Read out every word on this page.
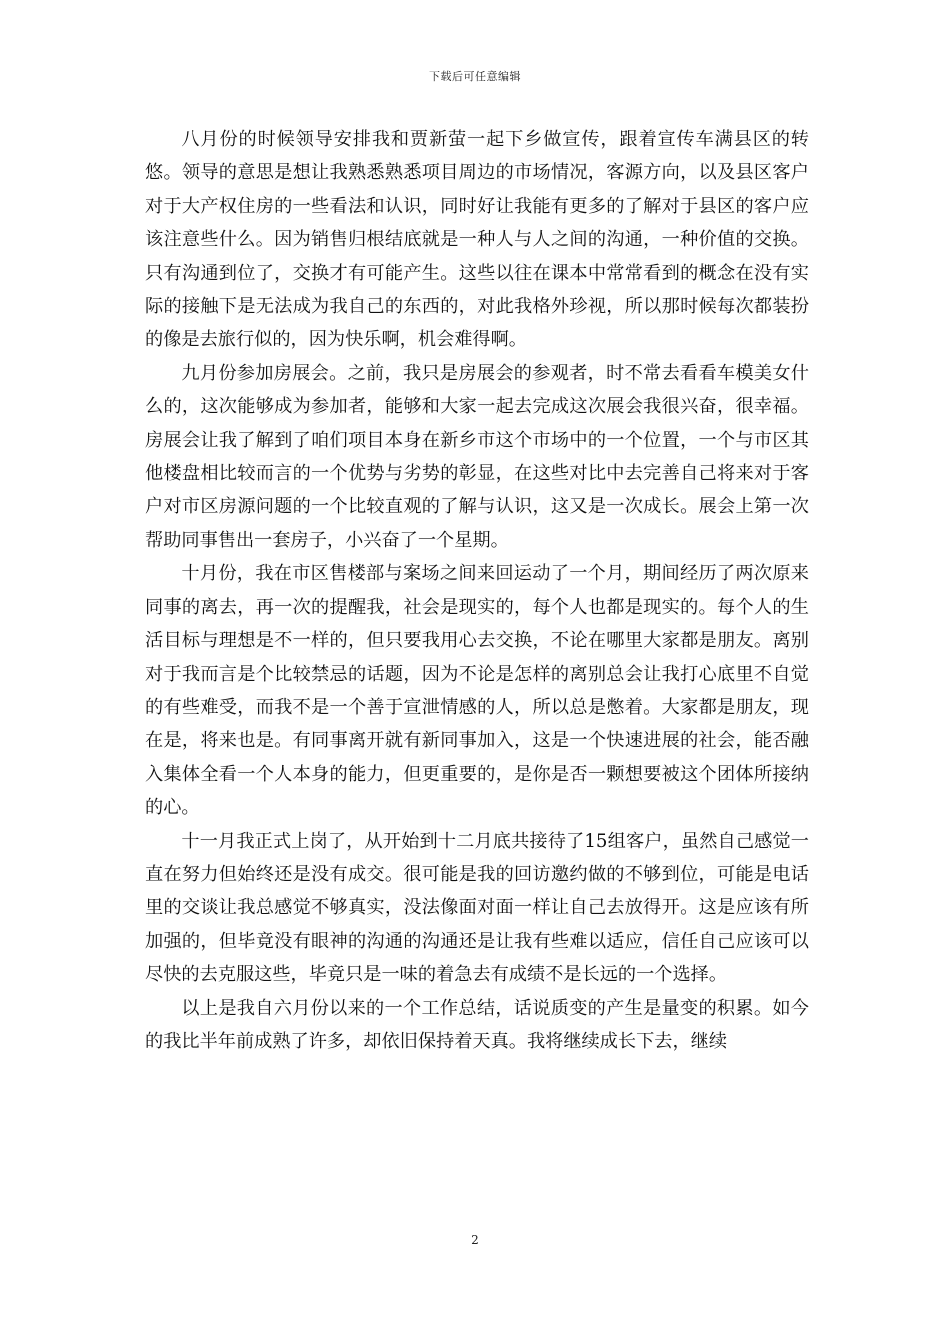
下载后可任意编辑

八月份的时候领导安排我和贾新萤一起下乡做宣传，跟着宣传车满县区的转悠。领导的意思是想让我熟悉熟悉项目周边的市场情况，客源方向，以及县区客户对于大产权住房的一些看法和认识，同时好让我能有更多的了解对于县区的客户应该注意些什么。因为销售归根结底就是一种人与人之间的沟通，一种价值的交换。只有沟通到位了，交换才有可能产生。这些以往在课本中常常看到的概念在没有实际的接触下是无法成为我自己的东西的，对此我格外珍视，所以那时候每次都装扮的像是去旅行似的，因为快乐啊，机会难得啊。

九月份参加房展会。之前，我只是房展会的参观者，时不常去看看车模美女什么的，这次能够成为参加者，能够和大家一起去完成这次展会我很兴奋，很幸福。房展会让我了解到了咱们项目本身在新乡市这个市场中的一个位置，一个与市区其他楼盘相比较而言的一个优势与劣势的彰显，在这些对比中去完善自己将来对于客户对市区房源问题的一个比较直观的了解与认识，这又是一次成长。展会上第一次帮助同事售出一套房子，小兴奋了一个星期。

十月份，我在市区售楼部与案场之间来回运动了一个月，期间经历了两次原来同事的离去，再一次的提醒我，社会是现实的，每个人也都是现实的。每个人的生活目标与理想是不一样的，但只要我用心去交换，不论在哪里大家都是朋友。离别对于我而言是个比较禁忌的话题，因为不论是怎样的离别总会让我打心底里不自觉的有些难受，而我不是一个善于宣泄情感的人，所以总是憋着。大家都是朋友，现在是，将来也是。有同事离开就有新同事加入，这是一个快速进展的社会，能否融入集体全看一个人本身的能力，但更重要的，是你是否一颗想要被这个团体所接纳的心。

十一月我正式上岗了，从开始到十二月底共接待了15组客户，虽然自己感觉一直在努力但始终还是没有成交。很可能是我的回访邀约做的不够到位，可能是电话里的交谈让我总感觉不够真实，没法像面对面一样让自己去放得开。这是应该有所加强的，但毕竟没有眼神的沟通的沟通还是让我有些难以适应，信任自己应该可以尽快的去克服这些，毕竟只是一味的着急去有成绩不是长远的一个选择。

以上是我自六月份以来的一个工作总结，话说质变的产生是量变的积累。如今的我比半年前成熟了许多，却依旧保持着天真。我将继续成长下去，继续

2
